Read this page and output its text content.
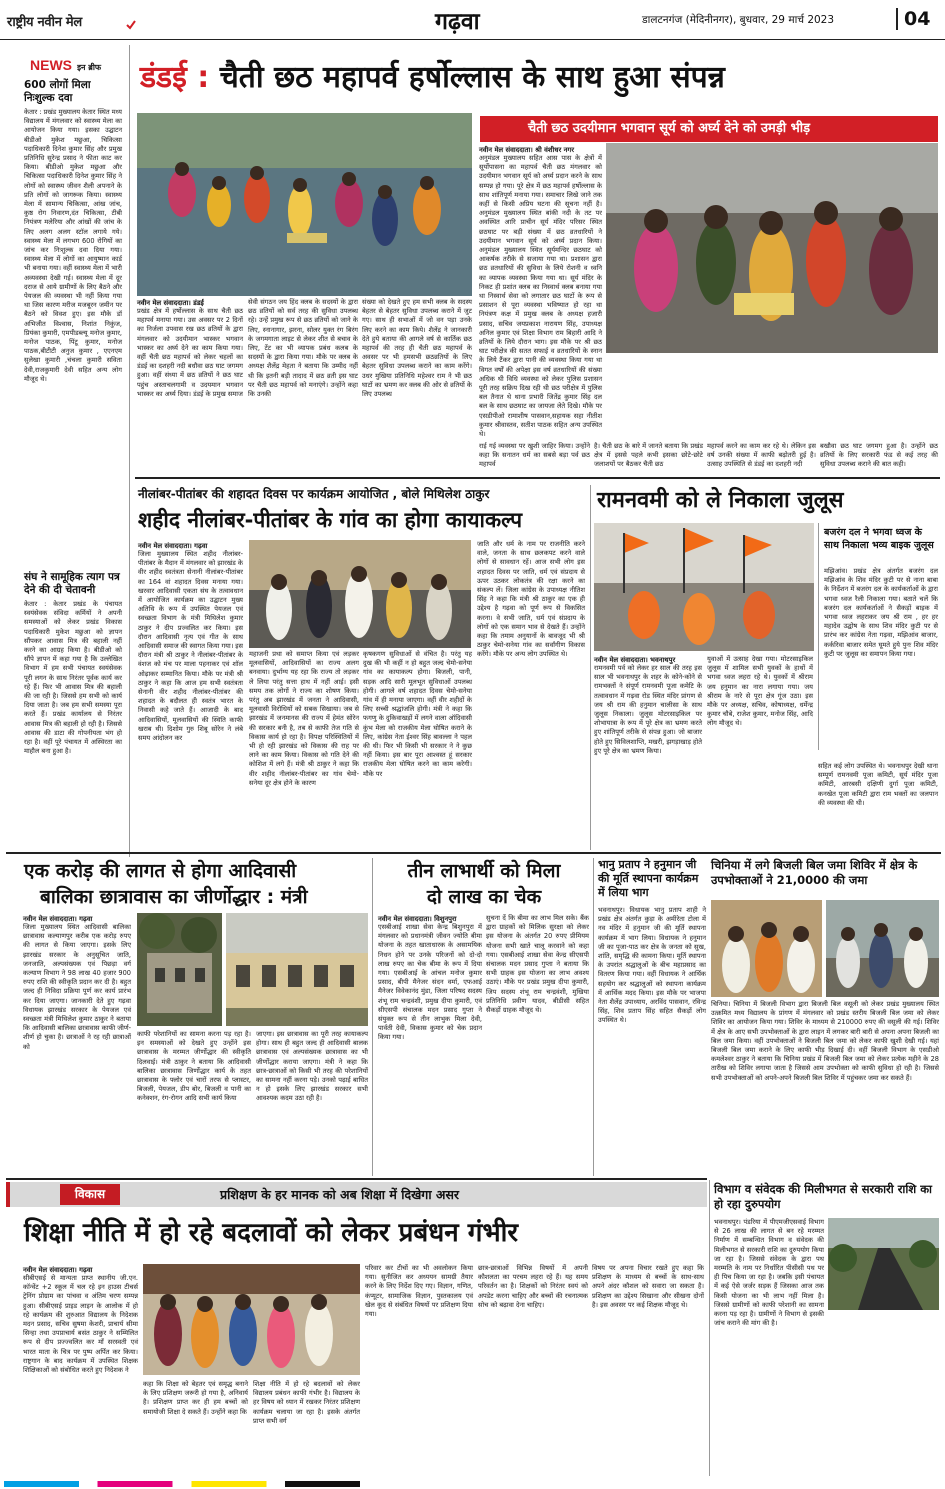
राष्ट्रीय नवीन मेल	गढ़वा	डालटनगंज (मेदिनीनगर), बुधवार, 29 मार्च 2023	04
NEWS इन ब्रीफ
600 लोगों मिला निःशुल्क दवा
केतार : प्रखंड मुख्यालय केतार स्थित मध्य विद्यालय में मंगलवार को स्वास्थ्य मेला का आयोजन किया गया। इसका उद्घाटन बीडीओ मुकेश मछुआ, चिकित्सा पदाधिकारी दिनेश कुमार सिंह और प्रमुख प्रतिनिधि सुरेन्द्र प्रसाद ने फीता काट कर किया। बीडीओ मुकेश मछुआ और चिकित्सा पदाधिकारी दिनेश कुमार सिंह ने लोगों को स्वास्थ्य जीवन शैली अपनाने के प्रति लोगों को जागरूक किया। स्वास्थ्य मेला में सामान्य चिकित्सा, आंख जांच, कुष्ठ रोग निवारण,दंत चिकित्सा, टीबी नियंत्रण मलेरिया और आंखों की जांच के लिए अलग अलग स्टॉल लगाये गये। स्वास्थ्य मेला में लगभग 600 रोगियों का जांच कर निःशुल्क दवा दिया गया। स्वास्थ्य मेला में लोगों का आयुष्मान कार्ड भी बनाया गया। वहीं स्वास्थ्य मेला में भारी अव्यवस्था देखी गई। स्वास्थ्य मेला में दूर दराज से आये ग्रामीणों के लिए बैठने और पेयजल की व्यवस्था भी नहीं किया गया था जिस कारण मरीज मजबूरन जमीन पर बैठने को विवश हुए। इस मौके डॉ अभिजीत विश्वास, निशांत निकुंज, प्रियंका कुमारी, एमपीडब्ल्यू मनोज कुमार, मनोज पाठक, पिंटू कुमार, मनोज पाठक,बीटीटी अनुज कुमार , एएनएम सुलेखा कुमारी ,चंचला कुमारी सविता देवी,राजकुमारी देवी सहित अन्य लोग मौजूद थे।
संघ ने सामूहिक त्याग पत्र देने की दी चेतावनी
केतार : केतार प्रखंड के पंचायत स्वयंसेवक संविदा कर्मियों ने अपनी समस्याओं को लेकर प्रखंड विकास पदाधिकारी मुकेश मछुआ को ज्ञापन सौंपकर आवास मित्र की बहाली नहीं करने का आग्रह किया है। बीडीओ को सौंपे ज्ञापन में कहा गया है कि उल्लेखित विभाग में हम सभी पंचायत स्वयंसेवक पूरी लगन के साथ निरंतर पूर्वक कार्य कर रहे हैं। फिर भी आवास मित्र की बहाली की जा रही है। जिससे हम सभी को कार्य दिया जाता है। जब हम सभी समस्या पूरा करते हैं। प्रखंड कार्यालय से निरंतर आवास मित्र की बहाली हो रही है। जिससे आवास की डाटा की गोपनीयता भंग हो रहा है। वहीं पूरे पंचायत में अस्थिरता का माहौल बना हुआ है।
डंडई : चैती छठ महापर्व हर्षोल्लास के साथ हुआ संपन्न
नवीन मेल संवाददाता। डंडई
प्रखंड क्षेत्र में हर्षोल्लास के साथ चैती छठ महापर्व मनाया गया। उस अवसर पर 2 दिनों का निर्जला उपवास रख छठ व्रतियों के द्वारा मंगलवार को उदयीमान भास्कर भगवान भास्कर का अर्घ्य देने का काम किया गया। वहीं चैती छठ महापर्व को लेकर चहलों का डंडई का दशहरी नदी बधौवा छठ घाट जगमग हुआ। वहीं संध्या में छठ व्रतियों ने छठ घाट पहुंच अस्ताचलगामी व उदयमान भगवान भास्कर का अर्घ्य दिया। डंडई के प्रमुख समाज
सेवी संगठन जय हिंद क्लब के सदस्यों के द्वारा छठ व्रतियों को सर्व तरह की सुविधा उपलब्ध रहे। उन्हें प्रमुख रूप से छठ व्रतियों को जाने के लिए, स्नानागार, झरना, सोलर युक्त रंग बिरंग के जगमगाता लाइट से लेकर शीत से बचाव के लिए, टेंट का भी व्यापक प्रबंध कलब के सदस्यों के द्वारा किया गया। मौके पर क्लब के अध्यक्ष शैलेंद्र मेहता ने बताया कि उम्मीद नहीं थी कि इतनी बड़ी तादाद में छठ व्रती इस घाट पर चैती छठ महापर्व को मनाएंगे। उन्होंने कहा कि उनकी
संख्या को देखते हुए हम सभी क्लब के सदस्य बेहतर से बेहतर सुविधा उपलब्ध कराने में जुट गए। साथ ही सभाओं में जो वन पड़ा उनके लिए करने का काम किये। शैलेंद्र ने जानकारी देते हुये बताया की आगले वर्ष से कार्तिक छठ महापर्व की तरह ही चैती छठ महापर्व के अवसर पर भी हमसभी छठव्रतियों के लिए बेहतर सुविधा उपलब्ध कराने का काम करेंगे। उधर मुखिया प्रतिनिधि महेश्वर राम ने भी छठ घाटों का भ्रमण कर क्लब की ओर से व्रतियों के लिए उपलब्ध
चैती छठ उदयीमान भगवान सूर्य को अर्घ्य देने को उमड़ी भीड़
नवीन मेल संवाददाता। श्री वंशीधर नगर
अनुमंडल मुख्यालय सहित आस पास के क्षेत्रों में सूर्योपासना का महापर्व चैती छठ मंगलवार को उदयीमान भगवान सूर्य को अर्घ्य प्रदान करने के साथ सम्पन्न हो गया। पूरे क्षेत्र में छठ महापर्व हर्षोल्लास के साथ शांतिपूर्ण मनाया गया। समाचार लिखे जाने तक कहीं से किसी अप्रिय घटना की सूचना नहीं है। अनुमंडल मुख्यालय स्थित बांकी नदी के तट पर अवस्थित आरि प्राचीन सूर्य मंदिर परिसर स्थित छठघाट पर बड़ी संख्या में छठ व्रतधारियों ने उदयीमान भगवान सूर्य को अर्घ्य प्रदान किया। अनुमंडल मुख्यालय स्थित सूर्यमन्दिर छठघाट को आकर्षक तरीके से सजाया गया था। प्रशासन द्वारा छठ व्रतधारियों की सुविधा के लिये रोशनी व ध्वनि का व्यापक व्यवस्था किया गया था। सूर्य मंदिर के निकट ही प्रशांत क्लब का निस्वार्थ क्लब बनाया गया था निस्वार्थ सेवा को लगातार छठ घाटों के रूप से प्रसाशन से पूरा व्यवस्था भविष्यात हो रहा था नियंत्रण कक्ष में प्रमुख क्लब के अध्यक्ष हजारी प्रसाद, सचिव जयप्रकाश नारायण सिंह, उपाध्यक्ष अनिल कुमार एवं शिक्षा विभाग राम बिहारी आदि ने व्रतियों के लिये दौरान भाग। इस मौके पर श्री छठ घाट परीक्षेत्र की सतत सफाई व व्रतधारियों के स्नान के लिये टैंकर द्वारा पानी की व्यवस्था किया गया था विगत वर्षों की अपेक्षा इस वर्ष व्रतधारियों की संख्या अधिक थी विधि व्यवस्था को लेकर पुलिस प्रशासन पूरी तरह सक्रिय दिख रही थी छठ परीक्षेत्र में पुलिस बल तैनात थे थाना प्रभारी जितेंद्र कुमार सिंह दल बल के साथ छठघाट का जायजा लेते दिखे। मौके पर एसडीपीओ रामाशीष पासवान,सहायक सहा नीतीश कुमार श्रीवास्तव, सतीश पाठक सहित अन्य उपस्थित थे।
राई गई व्यवस्था पर खुशी जाहिर किया। उन्होंने कहा कि सनातन धर्म का सबसे बड़ा पर्व छठ महापर्व
है। चैती छठ के बारे में जानते बताया कि प्रखंड क्षेत्र में इससे पहले कभी इसका छोटे-छोटे जलाशयों पर बैठकर चैती छठ
महापर्व करने का काम कर रहे थे। लेकिन इस वर्ष उनकी संख्या में काफी बढ़ोतरी हुई है। उत्साह उपस्थिति से डंडई का दशहरी नदी
बखौवा छठ घाट जगमग हुआ है। उन्होंने छठ व्रतियों के लिए सरकारी फंड से कई तरह की सुविधा उपलब्ध कराने की बात कही।
नीलांबर-पीतांबर की शहादत दिवस पर कार्यक्रम आयोजित , बोले मिथिलेश ठाकुर
शहीद नीलांबर-पीतांबर के गांव का होगा कायाकल्प
नवीन मेल संवाददाता। गढ़वा
जिला मुख्यालय स्थित शहीद नीलांबर-पीतांबर के मैदान में मंगलवार को झारखंड के वीर शहीद स्वतंत्रता सेनानी नीलांबर-पीतांबर का 164 वां शहादत दिवस मनाया गया। खरवार आदिवासी एकता संघ के तत्वावधान में आयोजित कार्यक्रम का उद्घाटन मुख्य अतिथि के रूप में उपस्थित पेयजल एवं स्वच्छता विभाग के मंत्री मिथिलेश कुमार ठाकुर ने दीप प्रज्वलित कर किया। इस दौरान आदिवासी नृत्य एवं गीत के साथ आदिवासी समाज की स्वागत किया गया। इस दौरान मंत्री श्री ठाकुर ने नीलांबर-पीतांबर के वंशज को मंच पर माला पहनाकर एवं शॉल ओढ़ाकर सम्मानित किया। मौके पर मंत्री श्री ठाकुर ने कहा कि आज हम सभी स्वतंत्रता सेनानी वीर शहीद नीलांबर-पीतांबर की शहादत के बदौलत ही स्वतंत्र भारत के निवासी कहे जाते हैं। आजादी के बाद आदिवासियों, मूलवासियों की स्थिति काफी खराब थी। दिशोम गुरु शिबू सोरेन ने लंबे समय आंदोलन कर
महाजनी प्रथा को समाप्त किया एवं लड़कर मूलवासियों, आदिवासियों का राज्य अलग बनवाया। दुर्भाग्य यह रहा कि राज्य तो लड़कर ले लिया परंतु सत्ता हाथ में नहीं आई। इसी समय तक लोगों ने राज्य का शोषण किया। परंतु अब झारखंड में जनता ने आदिवासी, मूलवासी विरोधियों को सबक सिखाया। जब से झारखंड में जनमानस की राज्य में हेमंत सोरेन की सरकार बनी है, तब से काफी तेज गति से विकास कार्य हो रहा है। विपक्ष परिस्थितियों में भी हो रही झारखंड को विकास की राह पर लाने का काम किया। विकास को गति देने की कोशिश में लगे हैं। मंत्री श्री ठाकुर ने कहा कि वीर शहीद नीलांबर-पीतांबर का गांव चेमो-सनेया दूर क्षेत्र होने के कारण
कृषकगण सुविधाओं से वंचित है। परंतु यह दुख की भी कहीं न हो बहुत जल्द चेमो-सनेया गांव का कायाकल्प होगा। बिजली, पानी, सड़क आदि सारी मूलभूत सुविधाओं उपलब्ध होगी। आगले वर्ष शहादत दिवस चेमो-सनेया गांव में ही मनाया जाएगा। वहीं वीर शहीदों के लिए सच्ची श्रद्धांजलि होगी। मंत्री ने कहा कि फगणु के दुकिवाखड़ों में लगने वाला ऑदिवासी कुंभ मेला को राजकीय मेला घोषित कराने के लिए, कांग्रेस नेता ईश्वर सिंह बावल्ला ने पहल की थी। फिर भी किसी भी सरकार ने ने कुछ नहीं किया। इस बार पूरा आश्वस्त हूं सरकार राजकीय मेला घोषित करने का काम करेगी। मौके पर
जाति और धर्म के नाम पर राजनीति करने वाले, जनता के साथ छलकपट करने वाले लोगों से सावधान रहें। आज सभी लोग इस शहादत दिवस पर जाति, धर्म एवं संप्रदाय से ऊपर उठकर लोकतंत्र की रक्षा करने का संकल्प लें। जिला कांग्रेस के उपाध्यक्ष नीतिश सिंह ने कहा कि मंत्री श्री ठाकुर का एक ही उद्देश्य है गढ़वा को पूर्ण रूप से विकसित करना। वे सभी जाति, धर्म एवं संप्रदाय के लोगों को एक समान भाव से देखते हैं। उन्होंने कहा कि तमाम अनुयानों के बावजूद भी श्री ठाकुर चेमो-सनेया गांव का सर्वांगीण विकास करेंगे। मौके पर अन्य लोग उपस्थित थे।
रामनवमी को ले निकाला जुलूस
नवीन मेल संवाददाता। भवनाथपुर
रामनवमी पर्व को लेकर हर साल की तरह इस साल भी भवनाथपुर के शहर के कोने-कोने से रामभक्तों ने संपूर्ण रामनवमी पूजा कमेटि के तत्वावधान में गढ़वा रोड स्थित मंदिर प्रांगण से जय श्री राम की हनुमान चालीसा के साथ जुलूस निकाला। जुलूस मोटरसाइकिल पर शोभायात्रा के रूप में पूरे क्षेत्र का भ्रमण करते हुए शांतिपूर्ण तरीके से संपन्न हुआ। जो बाजार होते हुए सिविलशाप्ति, मखरी, झगड़ाखाड़ होते हुए पूरे क्षेत्र का भ्रमण किया।
युवाओं में उत्साह देखा गया। मोटरसाइकिल जुलूस में शामिल सभी युवकों के हाथों में भगवा ध्वज लहरा रहे थे। युवकों में श्रीराम जय हनुमान का नारा लगाया गया। जय श्रीराम के नारे से पूरा क्षेत्र गूंज उठा। इस मौके पर अध्यक्ष, सचिव, कोषाध्यक्ष, धर्मेन्द्र कुमार चौबे, राजेश कुमार, मनोज सिंह, आदि लोग मौजूद थे।
बजरंग दल ने भगवा ध्वज के साथ निकाला भव्य बाइक जुलूस
मझिआंव। प्रखंड क्षेत्र अंतर्गत बजरंग दल मझिआंव के शिव मंदिर कुटी पर से नाना बाबा के निर्देशन में बजरंग दल के कार्यकर्ताओं के द्वारा भगवा ध्वज रैली निकाला गया। बताते चलें कि बजरंग दल कार्यकर्ताओं ने सैकड़ों बाइक में भगवा ध्वज लहराकर जय श्री राम , हर हर महादेव उद्घोष के साथ शिव मंदिर कुटी पर से प्रारंभ कर कांग्रेस नेता गढ़वा, मझिआंव बाजार, कर्करिवा बाजार समेत घूमते हुये पुनः शिव मंदिर कुटी पर जुलूस का समापन किया गया।
सहित कई लोग उपस्थित थे। भवनाथपुर देखी थाना सम्पूर्ण रामनवमी पूजा कमिटी, सूर्य मंदिर पूजा कमिटी, आरबसी दक्षिणी दुर्गा पूजा कमिटी, कनखेत पूजा कमिटी द्वारा राम भक्तों का जलपान की व्यवस्था की थी।
एक करोड़ की लागत से होगा आदिवासी
बालिका छात्रावास का जीर्णोद्धार : मंत्री
नवीन मेल संवाददाता। गढ़वा
जिला मुख्यालय स्थित आदिवासी बालिका छात्रावास कल्याणपुर करीब एक करोड़ रुपए की लागत से किया जाएगा। इसके लिए झारखंड सरकार के अनुसूचित जाति, जनजाति, अल्पसंख्यक एवं पिछड़ा वर्ग कल्याण विभाग ने 98 लाख 40 हजार 900 रुपए राशि की स्वीकृति प्रदान कर दी है। बहुत जल्द ही निविदा प्रक्रिया पूर्ण कर कार्य प्रारंभ कर दिया जाएगा। जानकारी देते हुए गढ़वा विधायक झारखंड सरकार के पेयजल एवं स्वच्छता मंत्री मिथिलेश कुमार ठाकुर ने बताया कि आदिवासी बालिका छात्रावास काफी जीर्ण-शीर्ण हो चुका है। छात्राओं ने रह रही छात्राओं को
काफी परेशानियों का सामना करना पड़ रहा है। इन समस्याओं को देखते हुए उन्होंने इस छात्रावास के मरम्मत जीर्णोद्धार की स्वीकृति दिलवाई। मंत्री ठाकुर ने बताया कि आदिवासी बालिका छात्रावास जिर्णोद्धार कार्य के तहत छात्रावास के फ्लोर एवं चारों तरफ से प्लास्टर, बिजली, पेयजल, डीप बोर, बिजली व पानी का कनेक्शन, रंग-रोगन आदि सभी कार्य किया
जाएगा। इस छात्रावास का पूरी तरह कायाकल्प होगा। साथ ही बहुत जल्द ही आदिवासी बालक छात्रावास एवं अल्पसंख्यक छात्रावास का भी जीर्णोद्धार कराया जाएगा। मंत्री ने कहा कि छात्र-छात्राओं को किसी भी तरह की परेशानियों का सामना नहीं करना पड़े। उनको पढ़ाई बाधित न हो इसके लिए झारखंड सरकार सभी आवश्यक कदम उठा रही है।
तीन लाभार्थी को मिला
दो लाख का चेक
नवीन मेल संवाददाता। विशुनपुरा
एसबीआई शाखा सेवा केन्द्र बिशुनपुरा में मंगलवार को प्रधानमंत्री जीवन ज्योति बीमा योजना के तहत खाताधारक के असामयिक निधन होने पर उनके परिजनों को दो-दो लाख रुपए का चेक बीमा के रूप में दिया गया। एसबीआई के आंचल मनोज कुमार प्रसाद, बीपी मैनेजर संदन वर्मा, एफआई मैनेजर विवेकानंद मुंडा, जिला परिषद सदस्य शंभू राम चन्द्रवंशी, प्रमुख दीपा कुमारी, एवं सीएसपी संचालक मदन प्रसाद गुप्ता ने संयुक्त रूप से तीन लाभुक मिला देवी, पार्वती देवी, विकास कुमार को चेक प्रदान किया गया।
सुचना दें कि बीमा का लाभ मिल सके। बैंक द्वारा ग्राहकों को मिलिक सुरक्षा को लेकर इस योजना के अंतर्गत 20 रुपए प्रीमियम योजना सभी खाते चालू करवाने को कहा गया। एसबीआई शाखा सेवा केन्द्र सीएसपी संचालक मदन प्रसाद गुप्ता ने बताया कि सभी ग्राहक इस योजना का लाभ अवश्य उठाएं। मौके पर प्रखंड प्रमुख दीपा कुमारी, जिप सदस्य शंभू राम चन्द्रवंशी, मुखिया प्रतिनिधि प्रवीण यादव, बीडीसी सहित सैकड़ों ग्राहक मौजूद थे।
भानु प्रताप ने हनुमान जी की मूर्ति स्थापना कार्यक्रम में लिया भाग
भवनाथपुर। विधायक भानु प्रताप शाही ने प्रखंड क्षेत्र अंतर्गत कुड़ा के अमीरेता टोला में नव मंदिर में हनुमान जी की मूर्ति स्थापना कार्यक्रम में भाग लिया। विधायक ने हनुमान जी का पूजा-पाठ कर क्षेत्र के जनता को सुख, शांति, समृद्धि की कामना किया। मूर्ति स्थापना के उपरांत श्रद्धालुओं के बीच महाप्रसाद का वितरण किया गया। वहीं विधायक ने आर्थिक सहयोग कर श्रद्धालुओं को स्थापना कार्यक्रम में आर्थिक मदद किया। इस मौके पर भाजपा नेता शैलेंद्र उपाध्याय, अरविंद पासवान, रविन्द्र सिंह, शिव प्रताप सिंह सहित सैकड़ों लोग उपस्थित थे।
चिनिया में लगे बिजली बिल जमा शिविर में क्षेत्र के उपभोक्ताओं ने 21,0000 की जमा
चिनिया। चिनिया में बिजली विभाग द्वारा बिजली बिल वसूली को लेकर प्रखंड मुख्यालय स्थित उत्क्रमित मध्य विद्यालय के प्रांगण में मंगलवार को प्रखंड स्तरीय बिजली बिल जमा को लेकर शिविर का आयोजन किया गया। शिविर के माध्यम से 210000 रुपए की वसूली की गई। शिविर में क्षेत्र के आए सभी उपभोक्ताओं के द्वारा लाइन में लगकर बारी बारी से अपना अपना बिजली का बिल जमा किया। वहीं उपभोक्ताओं ने बिजली बिल जमा को लेकर काफी खुशी देखी गई। यहां बिजली बिल जमा कराने के लिए काफी भीड़ दिखाई दी। वहीं बिजली विभाग के एसडीओ कमलेश्वर ठाकुर ने बताया कि चिनिया प्रखंड में बिजली बिल जमा को लेकर प्रत्येक महीने के 28 तारीख को शिविर लगाया जाता है जिससे आम उपभोक्ता को काफी सुविधा हो रही है। जिससे सभी उपभोक्ताओं को अपने-अपने बिजली बिल शिविर में पहुंचकर जमा कर सकते हैं।
विकास	प्रशिक्षण के हर मानक को अब शिक्षा में दिखेगा असर
शिक्षा नीति में हो रहे बदलावों को लेकर प्रबंधन गंभीर
नवीन मेल संवाददाता। गढ़वा
सीबीएसई से मान्यता प्राप्त स्थानीय जी.एन. कॉन्वेंट +2 स्कूल में चल रहे इन हाउस टीचर्स ट्रेनिंग प्रोग्राम का पांचवा व अंतिम चरण सम्पन्न हुआ। सीबीएसई प्राइड लाइन के आलोक में हो रहे कार्यक्रम की शुरुआत विद्यालय के निदेशक मदन प्रसाद, सचिव सुषमा केशरी, प्राचार्य सीमा सिन्हा तथा उपप्राचार्य बसंत ठाकुर ने सम्मिलित रूप से दीप प्रज्ज्वलित कर माँ सरस्वती एवं भारत माता के चित्र पर पुष्प अर्पित कर किया। राष्ट्रगान के बाद कार्यक्रम में उपस्थित शिक्षक शिक्षिकाओं को संबोधित करते हुए निदेशक ने
कहा कि शिक्षा को बेहतर एवं समृद्ध बनाने के लिए प्रशिक्षण जरूरी हो गया है, अनिवार्य है। प्रशिक्षण प्राप्त कर ही हम बच्चों को समायोजी शिक्षा दे सकते हैं। उन्होंने कहा कि
शिक्षा नीति में हो रहे बदलावों को लेकर विद्यालय प्रबंधन काफी गंभीर है। विद्यालय के हर विषय को ध्यान में रखकर निरंतर प्रशिक्षण कार्यक्रम चलाया जा रहा है। इसके अंतर्गत प्राप्त सभी वर्ग
परिवार कर टीचों का भी अवलोकन किया गया। सुनीजित कर अध्ययन सामग्री तैयार करने के लिए निर्देश दिए गए। विज्ञान, गणित, कंप्यूटर, सामाजिक विज्ञान, पुस्तकालय एवं खेल कूद से संबंधित विषयों पर प्रशिक्षण दिया गया।
छात्र-छात्राओं विभिन्न विषयों में अपनी कौशलता का परचम लहरा रहे हैं। यह समय परिवर्तन का है। शिक्षकों को निरंतर स्वयं को अपडेट करना चाहिए और बच्चों की रचनात्मक सोच को बढ़ावा देना चाहिए।
विषय पर अपना विचार रखते हुए कहा कि प्रशिक्षण के माध्यम से बच्चों के साथ-साथ अपने अंदर कौशल को सवारा जा सकता है। प्रशिक्षण का उद्देश्य सिखाना और सीखना दोनों है। इस अवसर पर कई शिक्षक मौजूद थे।
विभाग व संवेदक की मिलीभगत से सरकारी राशि का हो रहा दुरुपयोग
भवनाथपुर। पंडरिया में पीएमजीएसवाई विभाग से 26 लाख की लागत से बन रहे मरम्मत निर्माण में सम्बन्धित विभाग व संवेदक की मिलीभगत से सरकारी राशि का दुरुपयोग किया जा रहा है। जिससे संवेदक के द्वारा पथ मरम्मति के नाम पर निर्धारित पीसीसी पथ पर ही पिच किया जा रहा है। जबकि इसी पंचायत में कई ऐसे जर्जर सड़क हैं जिसका आज तक किसी योजना का भी लाभ नहीं मिला है। जिससे ग्रामीणों को काफी परेशानी का सामना करना पड़ रहा है। ग्रामीणों ने विभाग से इसकी जांच कराने की मांग की है।
